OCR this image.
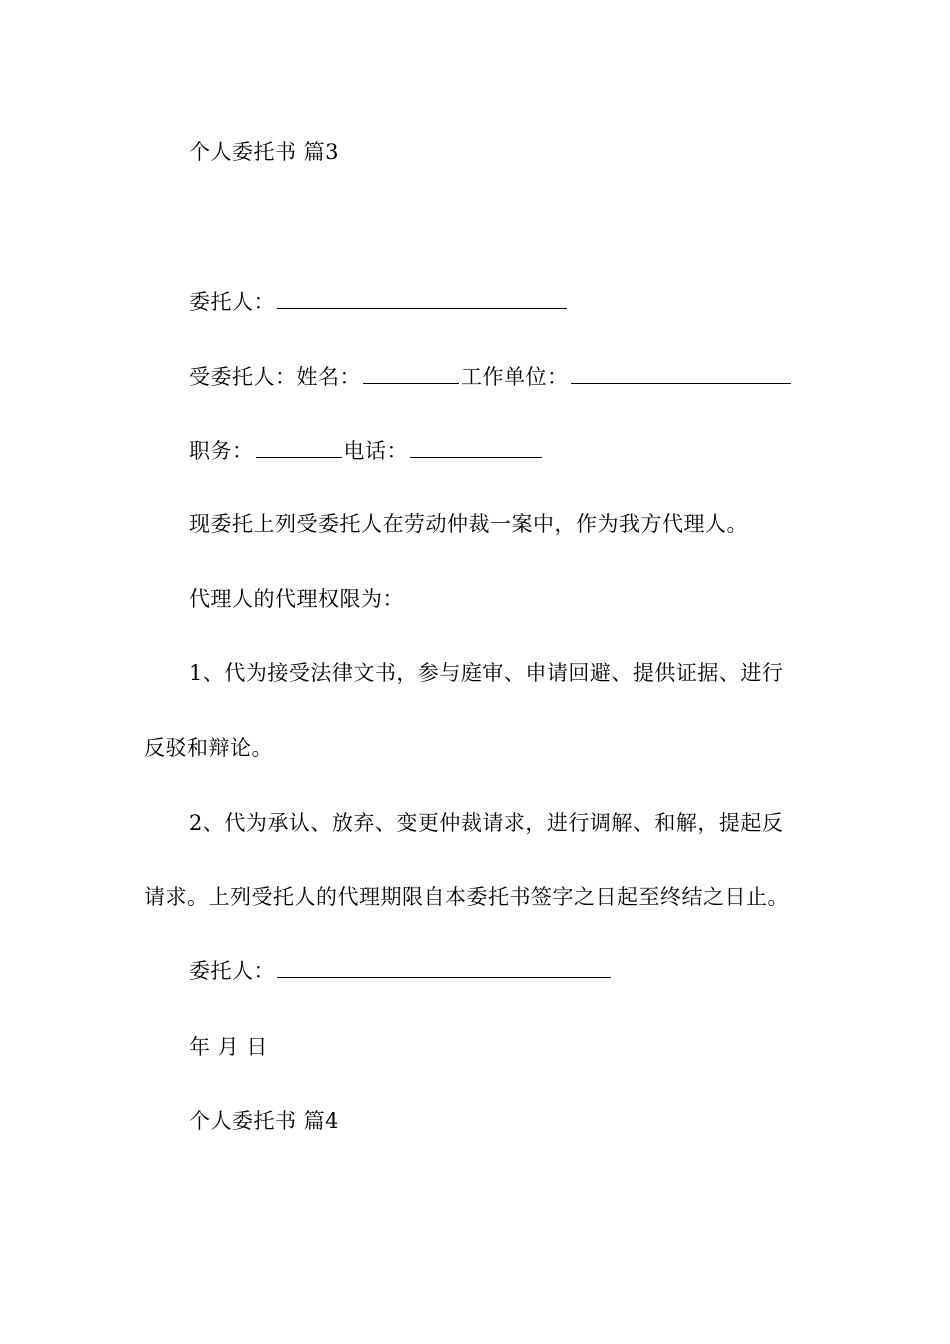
个人委托书 篇3
委托人：
受委托人：姓名：	工作单位：
职务：	电话：
现委托上列受委托人在劳动仲裁一案中，作为我方代理人。
代理人的代理权限为：
1、代为接受法律文书，参与庭审、申请回避、提供证据、进行
反驳和辩论。
2、代为承认、放弃、变更仲裁请求，进行调解、和解，提起反
请求。上列受托人的代理期限自本委托书签字之日起至终结之日止。
委托人：
年 月 日
个人委托书 篇4
